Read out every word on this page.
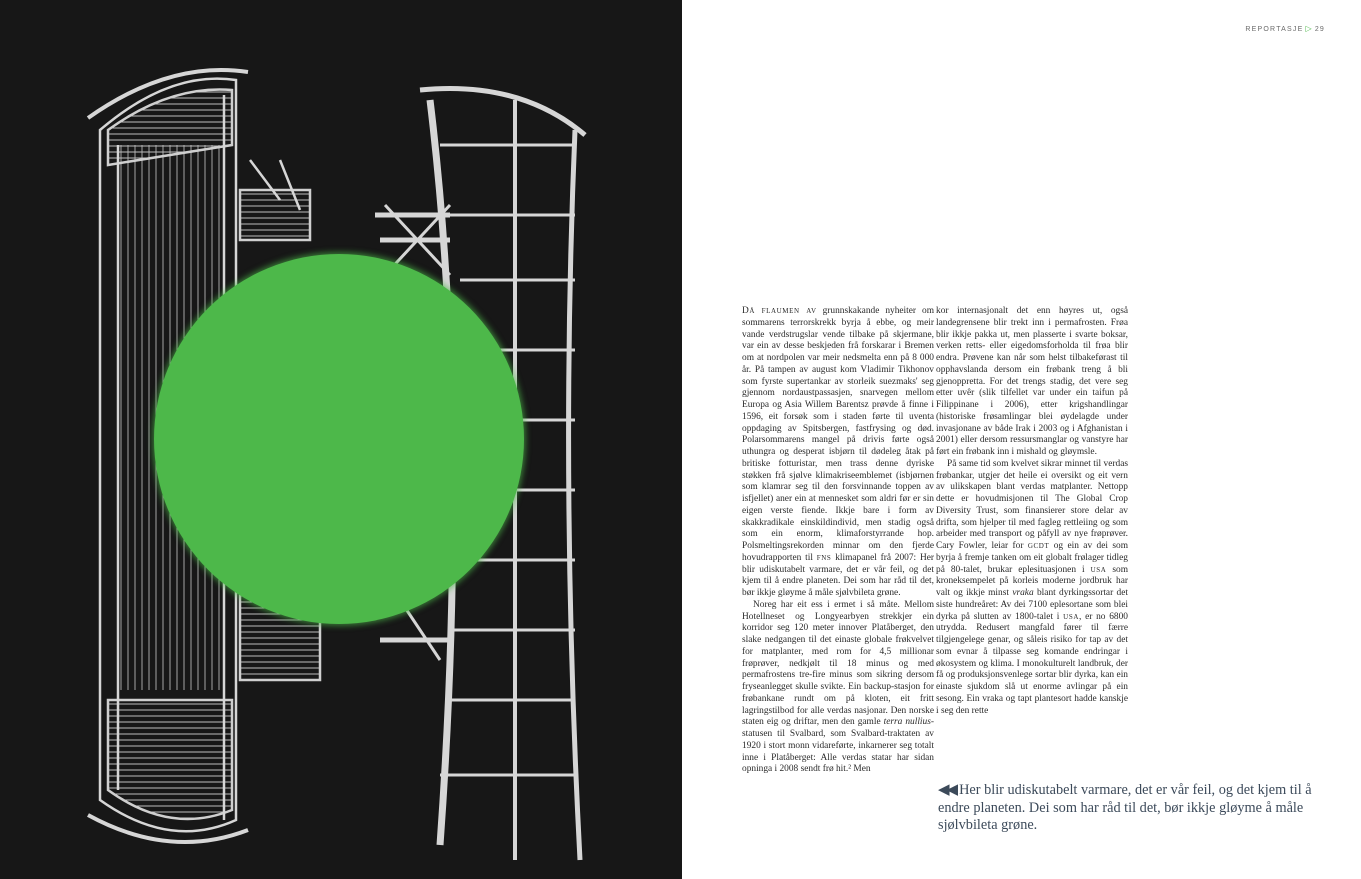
REPORTASJE ▷ 29

Då flaumen av grunnskakande nyheiter om sommarens terrorskrekk byrja å ebbe, og meir vande verdstrugslar vende tilbake på skjermane, var ein av desse beskjeden frå forskarar i Bremen om at nordpolen var meir nedsmelta enn på 8 000 år. På tampen av august kom Vladimir Tikhonov som fyrste supertankar av storleik suezmaks' seg gjennom nordaustpassasjen, snarvegen mellom Europa og Asia Willem Barentsz prøvde å finne i 1596, eit forsøk som i staden førte til uventa oppdaging av Spitsbergen, fastfrysing og død. Polarsommarens mangel på drivis førte også uthungra og desperat isbjørn til dødeleg åtak på britiske fotturistar, men trass denne dyriske støkken frå sjølve klimakriseemblemet (isbjørnen som klamrar seg til den forsvinnande toppen av isfjellet) aner ein at mennesket som aldri før er sin eigen verste fiende. Ikkje bare i form av skakkradikale einskildindivid, men stadig også som ein enorm, klimaforstyrrande hop. Polsmeltingsrekorden minnar om den fjerde hovudrapporten til fns klimapanel frå 2007: Her blir udiskutabelt varmare, det er vår feil, og det kjem til å endre planeten. Dei som har råd til det, bør ikkje gløyme å måle sjølvbileta grøne.

Noreg har eit ess i ermet i så måte. Mellom Hotellneset og Longyearbyen strekkjer ein korridor seg 120 meter innover Platåberget, den slake nedgangen til det einaste globale frøkvelvet for matplanter, med rom for 4,5 millionar frøprøver, nedkjølt til 18 minus og med permafrostens tre-fire minus som sikring dersom fryseanlegget skulle svikte. Ein backup-stasjon for frøbankane rundt om på kloten, eit fritt lagringstilbod for alle verdas nasjonar. Den norske staten eig og driftar, men den gamle terra nullius-statusen til Svalbard, som Svalbard-traktaten av 1920 i stort monn vidareførte, inkarnerer seg totalt inne i Platåberget: Alle verdas statar har sidan opninga i 2008 sendt frø hit.² Men

kor internasjonalt det enn høyres ut, også landegrensene blir trekt inn i permafrosten. Frøa blir ikkje pakka ut, men plasserte i svarte boksar, verken retts- eller eigedomsforholda til frøa blir endra. Prøvene kan når som helst tilbakeførast til opphavslanda dersom ein frøbank treng å bli gjenoppretta. For det trengs stadig, det vere seg etter uvêr (slik tilfellet var under ein taifun på Filippinane i 2006), etter krigshandlingar (historiske frøsamlingar blei øydelagde under invasjonane av både Irak i 2003 og i Afghanistan i 2001) eller dersom ressursmanglar og vanstyre har ført ein frøbank inn i mishald og gløymsle.

På same tid som kvelvet sikrar minnet til verdas frøbankar, utgjer det heile ei oversikt og eit vern av ulikskapen blant verdas matplanter. Nettopp dette er hovudmisjonen til The Global Crop Diversity Trust, som finansierer store delar av drifta, som hjelper til med fagleg rettleiing og som arbeider med transport og påfyll av nye frøprøver. Cary Fowler, leiar for gcdt og ein av dei som byrja å fremje tanken om eit globalt frølager tidleg på 80-talet, brukar eplesituasjonen i usa som kroneksempelet på korleis moderne jordbruk har valt og ikkje minst vraka blant dyrkingssortar det siste hundreåret: Av dei 7100 eplesortane som blei dyrka på slutten av 1800-talet i usa, er no 6800 utrydda. Redusert mangfald fører til færre tilgjengelege genar, og såleis risiko for tap av det som evnar å tilpasse seg komande endringar i økosystem og klima. I monokulturelt landbruk, der få og produksjonsvenlege sortar blir dyrka, kan ein einaste sjukdom slå ut enorme avlingar på ein sesong. Ein vraka og tapt plantesort hadde kanskje i seg den rette

◀◀ Her blir udiskutabelt varmare, det er vår feil, og det kjem til å endre planeten. Dei som har råd til det, bør ikkje gløyme å måle sjølvbileta grøne.
